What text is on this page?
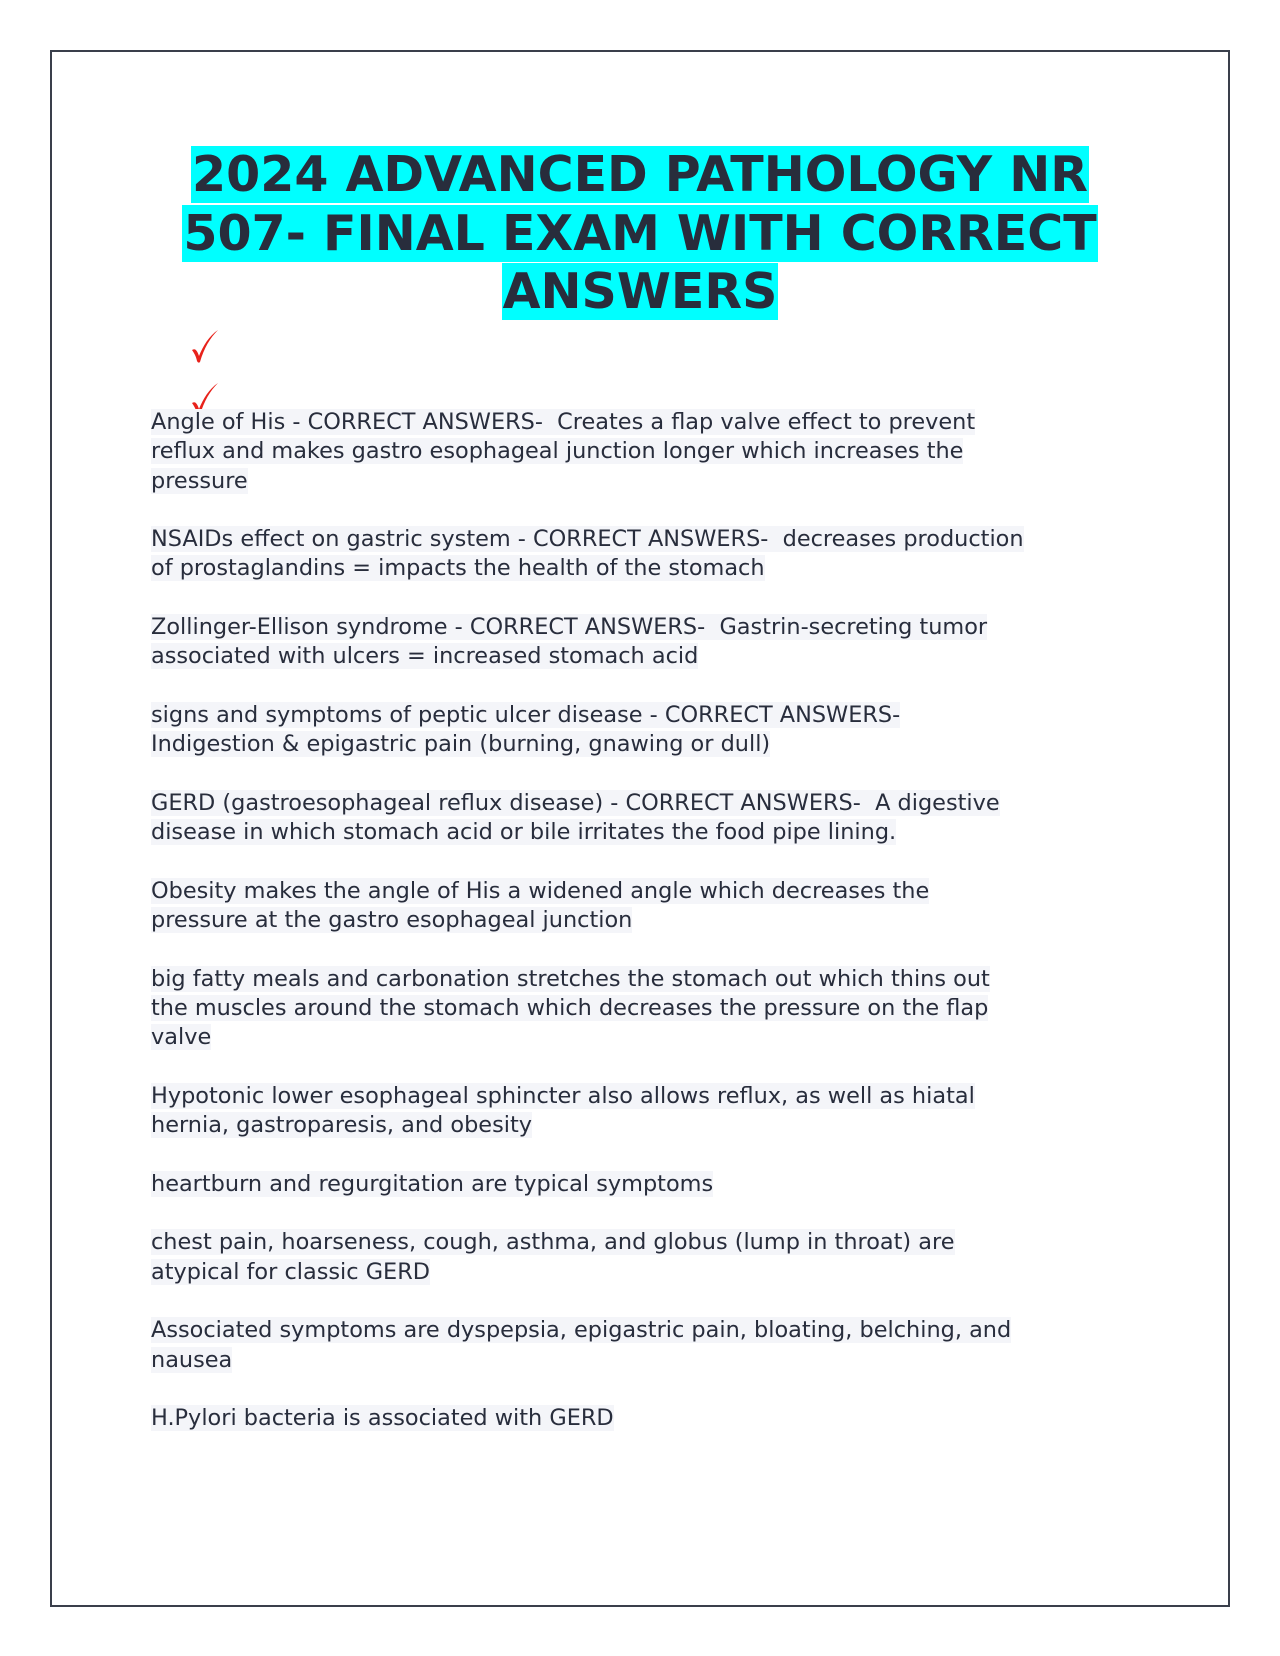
2024 ADVANCED PATHOLOGY NR
507- FINAL EXAM WITH CORRECT
ANSWERS

Angle of His - CORRECT ANSWERS-  Creates a flap valve effect to prevent
reflux and makes gastro esophageal junction longer which increases the
pressure

NSAIDs effect on gastric system - CORRECT ANSWERS-  decreases production
of prostaglandins = impacts the health of the stomach

Zollinger-Ellison syndrome - CORRECT ANSWERS-  Gastrin-secreting tumor
associated with ulcers = increased stomach acid

signs and symptoms of peptic ulcer disease - CORRECT ANSWERS-
Indigestion & epigastric pain (burning, gnawing or dull)

GERD (gastroesophageal reflux disease) - CORRECT ANSWERS-  A digestive
disease in which stomach acid or bile irritates the food pipe lining.

Obesity makes the angle of His a widened angle which decreases the
pressure at the gastro esophageal junction

big fatty meals and carbonation stretches the stomach out which thins out
the muscles around the stomach which decreases the pressure on the flap
valve

Hypotonic lower esophageal sphincter also allows reflux, as well as hiatal
hernia, gastroparesis, and obesity

heartburn and regurgitation are typical symptoms

chest pain, hoarseness, cough, asthma, and globus (lump in throat) are
atypical for classic GERD

Associated symptoms are dyspepsia, epigastric pain, bloating, belching, and
nausea

H.Pylori bacteria is associated with GERD
